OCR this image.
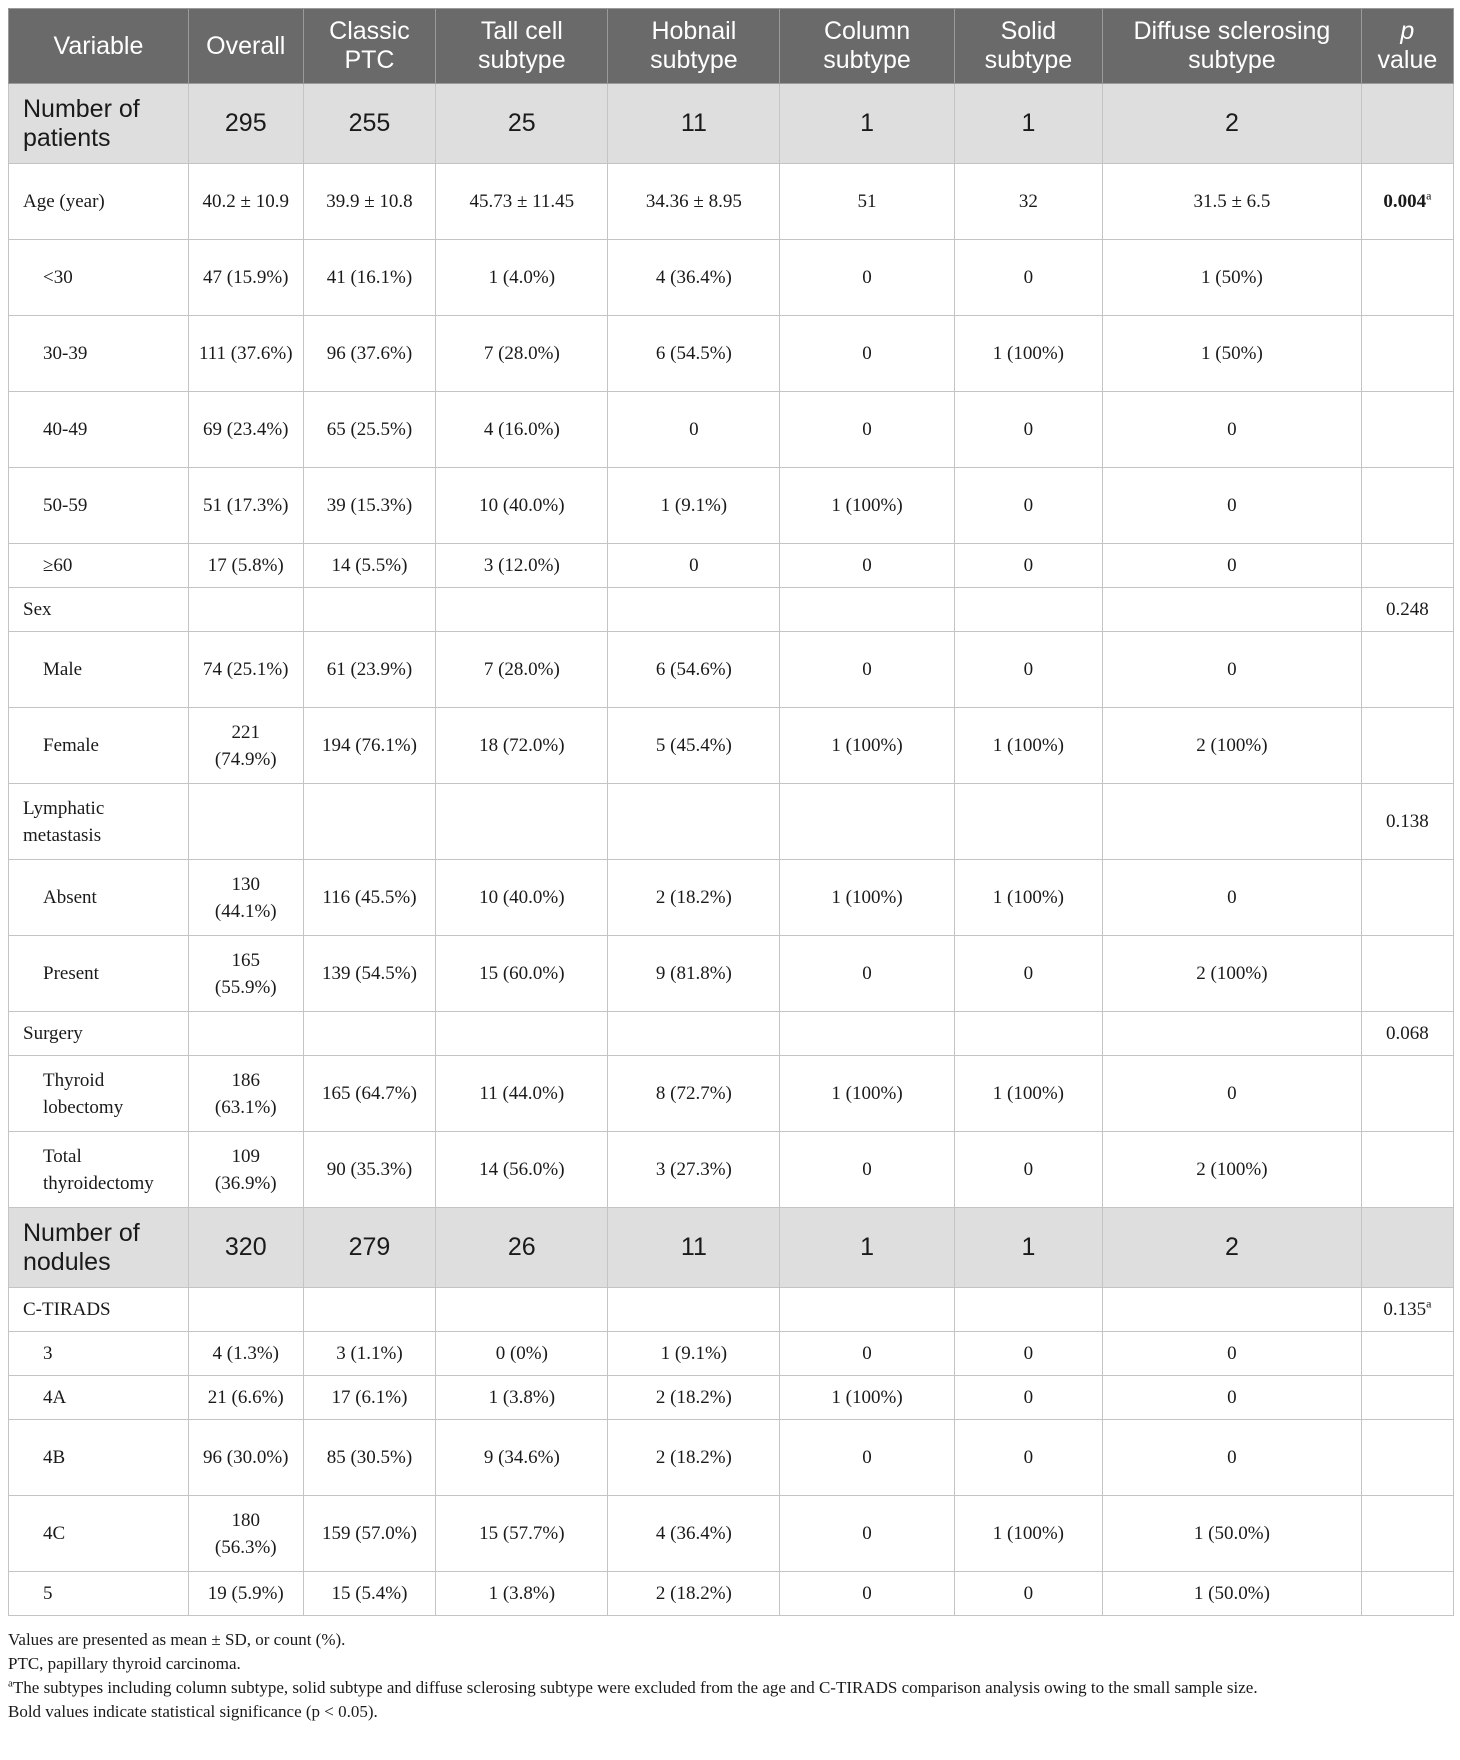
Variable	Overall	Classic PTC	Tall cell subtype	Hobnail subtype	Column subtype	Solid subtype	Diffuse sclerosing subtype	p
value
Number of patients	295	255	25	11	1	1	2	
Age (year)	40.2 ± 10.9	39.9 ± 10.8	45.73 ± 11.45	34.36 ± 8.95	51	32	31.5 ± 6.5	0.004$^a$
<30	47 (15.9%)	41 (16.1%)	1 (4.0%)	4 (36.4%)	0	0	1 (50%)	
30-39	111 (37.6%)	96 (37.6%)	7 (28.0%)	6 (54.5%)	0	1 (100%)	1 (50%)	
40-49	69 (23.4%)	65 (25.5%)	4 (16.0%)	0	0	0	0	
50-59	51 (17.3%)	39 (15.3%)	10 (40.0%)	1 (9.1%)	1 (100%)	0	0	
≥60	17 (5.8%)	14 (5.5%)	3 (12.0%)	0	0	0	0	
Sex								0.248
Male	74 (25.1%)	61 (23.9%)	7 (28.0%)	6 (54.6%)	0	0	0	
Female	221 (74.9%)	194 (76.1%)	18 (72.0%)	5 (45.4%)	1 (100%)	1 (100%)	2 (100%)	
Lymphatic metastasis								0.138
Absent	130 (44.1%)	116 (45.5%)	10 (40.0%)	2 (18.2%)	1 (100%)	1 (100%)	0	
Present	165 (55.9%)	139 (54.5%)	15 (60.0%)	9 (81.8%)	0	0	2 (100%)	
Surgery								0.068
Thyroid lobectomy	186 (63.1%)	165 (64.7%)	11 (44.0%)	8 (72.7%)	1 (100%)	1 (100%)	0	
Total thyroidectomy	109 (36.9%)	90 (35.3%)	14 (56.0%)	3 (27.3%)	0	0	2 (100%)	
Number of nodules	320	279	26	11	1	1	2	
C-TIRADS								0.135$^a$
3	4 (1.3%)	3 (1.1%)	0 (0%)	1 (9.1%)	0	0	0	
4A	21 (6.6%)	17 (6.1%)	1 (3.8%)	2 (18.2%)	1 (100%)	0	0	
4B	96 (30.0%)	85 (30.5%)	9 (34.6%)	2 (18.2%)	0	0	0	
4C	180 (56.3%)	159 (57.0%)	15 (57.7%)	4 (36.4%)	0	1 (100%)	1 (50.0%)	
5	19 (5.9%)	15 (5.4%)	1 (3.8%)	2 (18.2%)	0	0	1 (50.0%)	
Values are presented as mean ± SD, or count (%).
PTC, papillary thyroid carcinoma.
$^a$The subtypes including column subtype, solid subtype and diffuse sclerosing subtype were excluded from the age and C-TIRADS comparison analysis owing to the small sample size.
Bold values indicate statistical significance (p < 0.05).
